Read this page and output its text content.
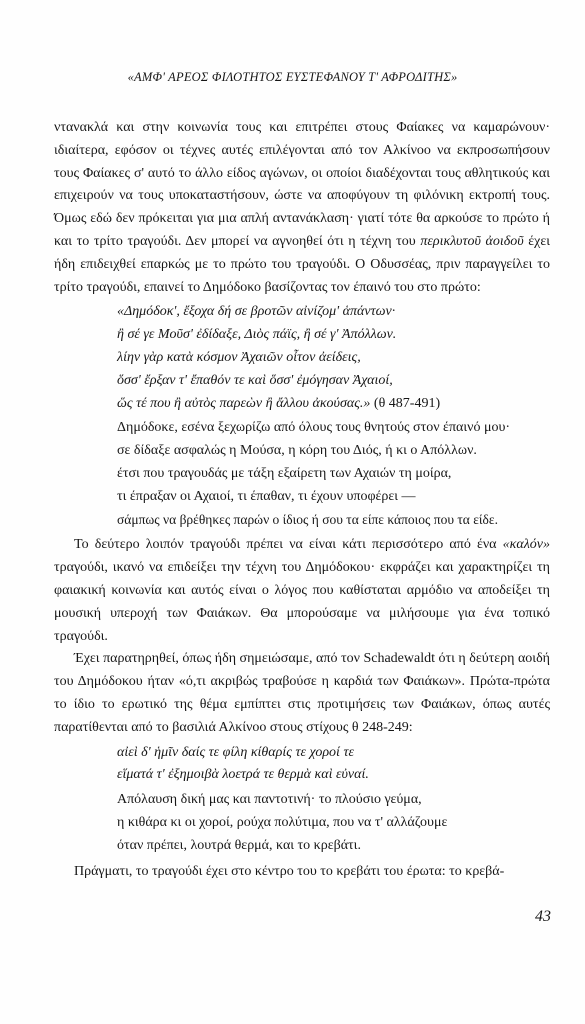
«ΑΜΦ' ΑΡΕΟΣ ΦΙΛΟΤΗΤΟΣ ΕΥΣΤΕΦΑΝΟΥ Τ' ΑΦΡΟΔΙΤΗΣ»

ντανακλά και στην κοινωνία τους και επιτρέπει στους Φαίακες να καμαρώνουν· ιδιαίτερα, εφόσον οι τέχνες αυτές επιλέγονται από τον Αλκίνοο να εκπροσωπήσουν τους Φαίακες σ' αυτό το άλλο είδος αγώνων, οι οποίοι διαδέχονται τους αθλητικούς και επιχειρούν να τους υποκαταστήσουν, ώστε να αποφύγουν τη φιλόνικη εκτροπή τους. Όμως εδώ δεν πρόκειται για μια απλή αντανάκλαση· γιατί τότε θα αρκούσε το πρώτο ή και το τρίτο τραγούδι. Δεν μπορεί να αγνοηθεί ότι η τέχνη του περικλυτοῦ ἀοιδοῦ έχει ήδη επιδειχθεί επαρκώς με το πρώτο του τραγούδι. Ο Οδυσσέας, πριν παραγγείλει το τρίτο τραγούδι, επαινεί το Δημόδοκο βασίζοντας τον έπαινό του στο πρώτο:

«Δημόδοκ', ἔξοχα δή σε βροτῶν αἰνίζομ' ἁπάντων·
ἢ σέ γε Μοῦσ' ἐδίδαξε, Διὸς πάϊς, ἢ σέ γ' Ἀπόλλων.
λίην γὰρ κατὰ κόσμον Ἀχαιῶν οἶτον ἀείδεις,
ὅσσ' ἔρξαν τ' ἔπαθόν τε καὶ ὅσσ' ἐμόγησαν Ἀχαιοί,
ὥς τέ που ἢ αὐτὸς παρεὼν ἢ ἄλλου ἀκούσας.» (θ 487-491)
Δημόδοκε, εσένα ξεχωρίζω από όλους τους θνητούς στον έπαινό μου·
σε δίδαξε ασφαλώς η Μούσα, η κόρη του Διός, ή κι ο Απόλλων.
έτσι που τραγουδάς με τάξη εξαίρετη των Αχαιών τη μοίρα,
τι έπραξαν οι Αχαιοί, τι έπαθαν, τι έχουν υποφέρει —
σάμπως να βρέθηκες παρών ο ίδιος ή σου τα είπε κάποιος που τα είδε.

Το δεύτερο λοιπόν τραγούδι πρέπει να είναι κάτι περισσότερο από ένα «καλόν» τραγούδι, ικανό να επιδείξει την τέχνη του Δημόδοκου· εκφράζει και χαρακτηρίζει τη φαιακική κοινωνία και αυτός είναι ο λόγος που καθίσταται αρμόδιο να αποδείξει τη μουσική υπεροχή των Φαιάκων. Θα μπορούσαμε να μιλήσουμε για ένα τοπικό τραγούδι.

Έχει παρατηρηθεί, όπως ήδη σημειώσαμε, από τον Schadewaldt ότι η δεύτερη αοιδή του Δημόδοκου ήταν «ό,τι ακριβώς τραβούσε η καρδιά των Φαιάκων». Πρώτα-πρώτα το ίδιο το ερωτικό της θέμα εμπίπτει στις προτιμήσεις των Φαιάκων, όπως αυτές παρατίθενται από το βασιλιά Αλκίνοο στους στίχους θ 248-249:

αἰεὶ δ' ἡμῖν δαίς τε φίλη κίθαρίς τε χοροί τε
εἵματά τ' ἐξημοιβὰ λοετρά τε θερμὰ καὶ εὐναί.
Απόλαυση δική μας και παντοτινή· το πλούσιο γεύμα,
η κιθάρα κι οι χοροί, ρούχα πολύτιμα, που να τ' αλλάζουμε
όταν πρέπει, λουτρά θερμά, και το κρεβάτι.

Πράγματι, το τραγούδι έχει στο κέντρο του το κρεβάτι του έρωτα: το κρεβά-

43
